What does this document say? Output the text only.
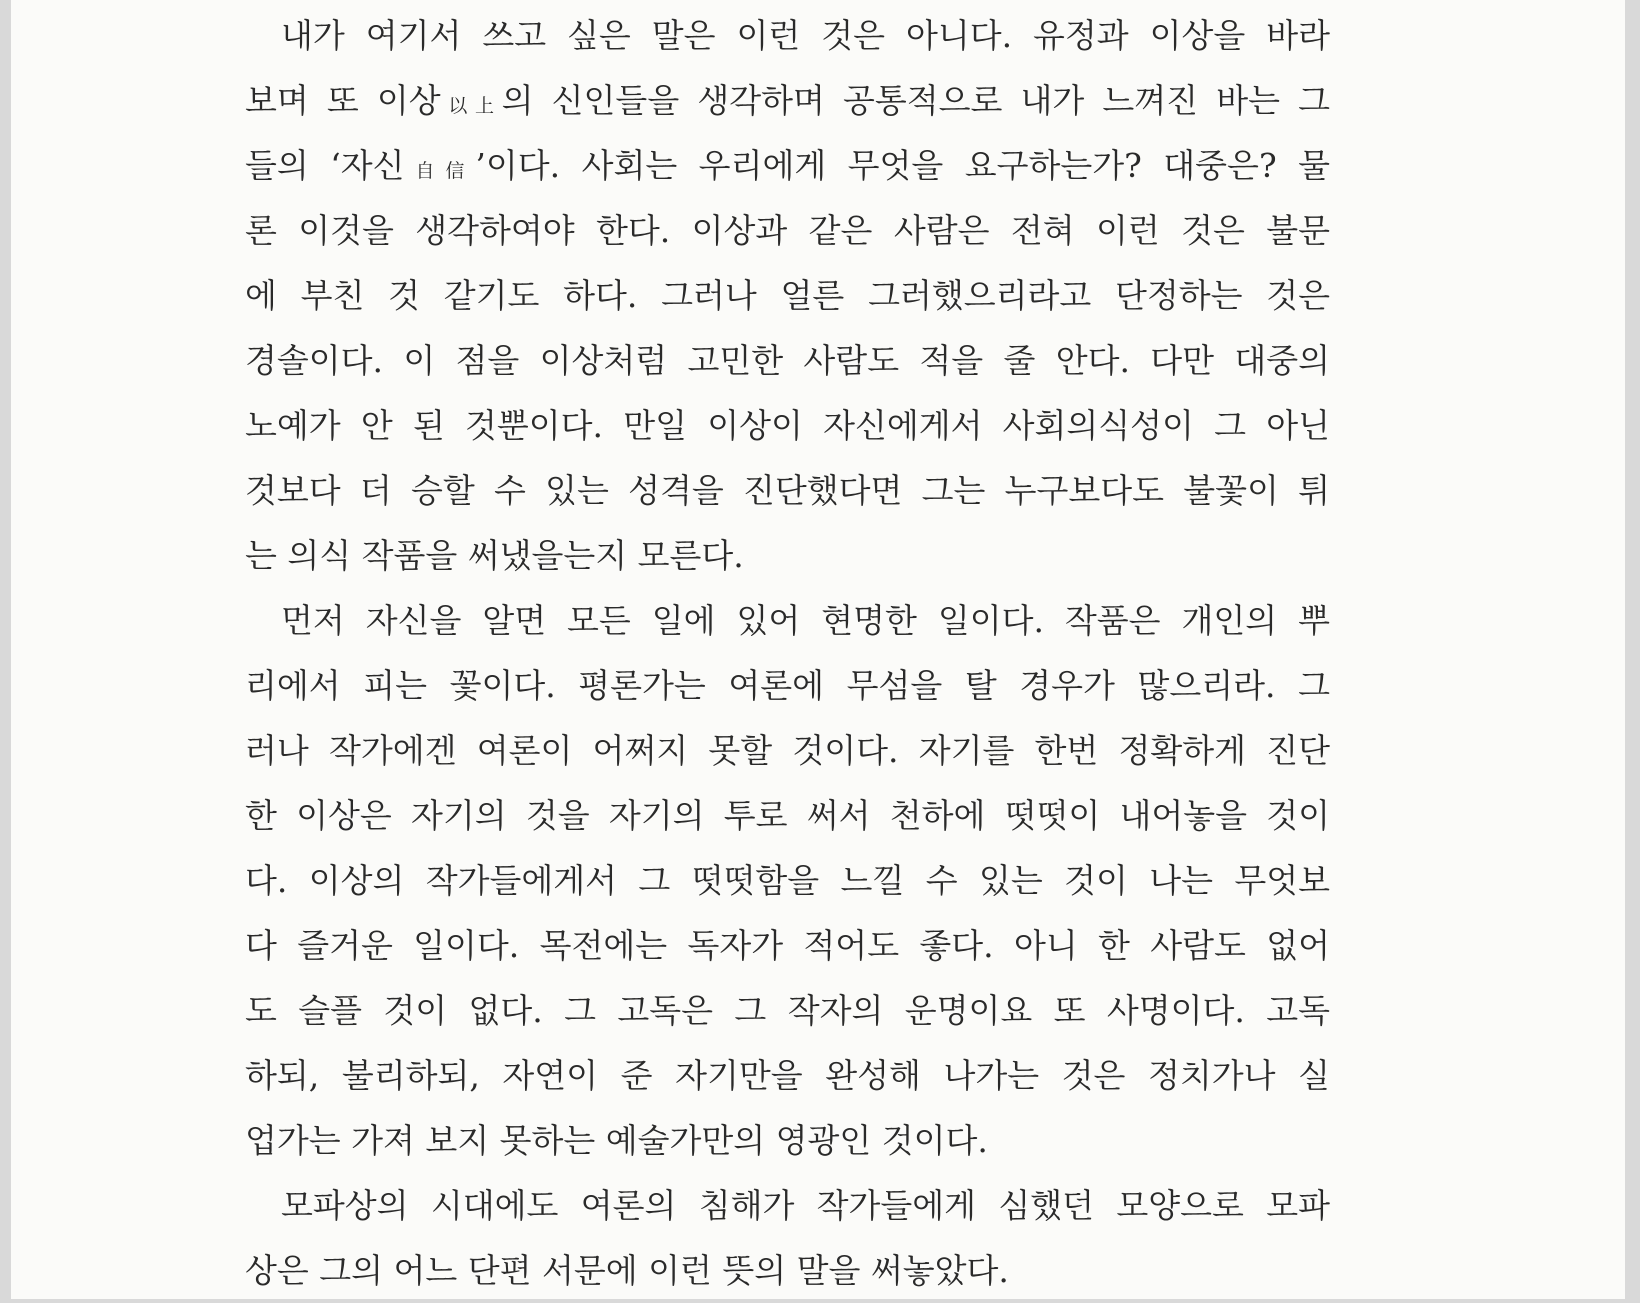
내가 여기서 쓰고 싶은 말은 이런 것은 아니다. 유정과 이상을 바라
보며 또 이상以上의 신인들을 생각하며 공통적으로 내가 느껴진 바는 그
들의 ‘자신自信’이다. 사회는 우리에게 무엇을 요구하는가? 대중은? 물
론 이것을 생각하여야 한다. 이상과 같은 사람은 전혀 이런 것은 불문
에 부친 것 같기도 하다. 그러나 얼른 그러했으리라고 단정하는 것은
경솔이다. 이 점을 이상처럼 고민한 사람도 적을 줄 안다. 다만 대중의
노예가 안 된 것뿐이다. 만일 이상이 자신에게서 사회의식성이 그 아닌
것보다 더 승할 수 있는 성격을 진단했다면 그는 누구보다도 불꽃이 튀
는 의식 작품을 써냈을는지 모른다.
먼저 자신을 알면 모든 일에 있어 현명한 일이다. 작품은 개인의 뿌
리에서 피는 꽃이다. 평론가는 여론에 무섬을 탈 경우가 많으리라. 그
러나 작가에겐 여론이 어쩌지 못할 것이다. 자기를 한번 정확하게 진단
한 이상은 자기의 것을 자기의 투로 써서 천하에 떳떳이 내어놓을 것이
다. 이상의 작가들에게서 그 떳떳함을 느낄 수 있는 것이 나는 무엇보
다 즐거운 일이다. 목전에는 독자가 적어도 좋다. 아니 한 사람도 없어
도 슬플 것이 없다. 그 고독은 그 작자의 운명이요 또 사명이다. 고독
하되, 불리하되, 자연이 준 자기만을 완성해 나가는 것은 정치가나 실
업가는 가져 보지 못하는 예술가만의 영광인 것이다.
모파상의 시대에도 여론의 침해가 작가들에게 심했던 모양으로 모파
상은 그의 어느 단편 서문에 이런 뜻의 말을 써놓았다.
